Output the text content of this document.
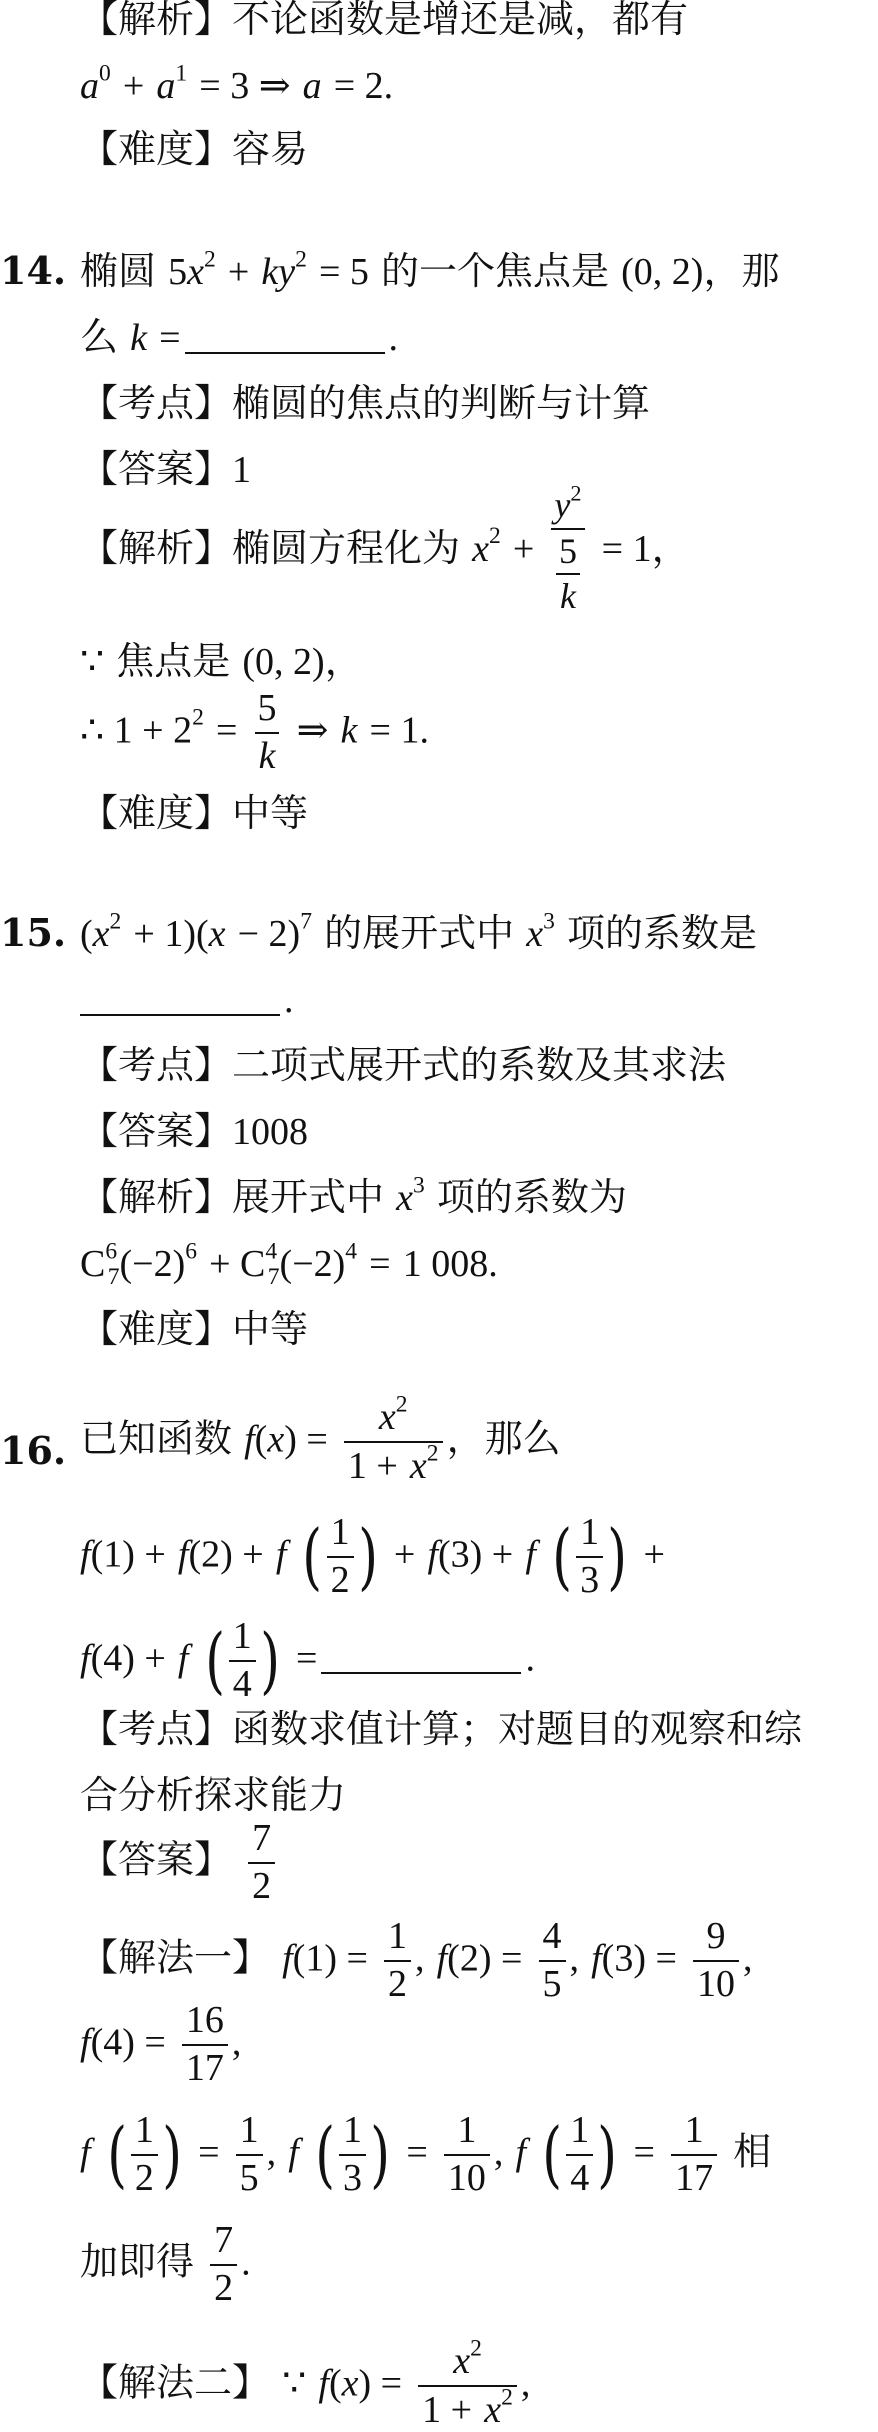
【解析】不论函数是增还是减，都有
$a^0 + a^1 = 3$ ⇒ a = 2.
【难度】容易
14. 椭圆 $5x^2 + ky^2 = 5$ 的一个焦点是 (0, 2)，那
么 k =	.
【考点】椭圆的焦点的判断与计算
【答案】1
【解析】椭圆方程化为 $x^2 + \frac{y^2}{\frac{5}{k}} = 1$，
∵ 焦点是 (0, 2)，
∴ $1 + 2^2 = \frac{5}{k}$ ⇒ k = 1.
【难度】中等
15. $(x^2 + 1)(x - 2)^7$ 的展开式中 $x^3$ 项的系数是
.
【考点】二项式展开式的系数及其求法
【答案】1008
【解析】展开式中 $x^3$ 项的系数为
$C^6_7(-2)^6 + C^4_7(-2)^4 = 1$ 008.
【难度】中等
16. 已知函数 $f(x) = \frac{x^2}{1 + x^2}$ ，那么
f(1) + f(2) + f ( $\frac{1}{2}$ ) + f(3) + f ( $\frac{1}{3}$ ) +
f(4) + f ( $\frac{1}{4}$ ) =	.
【考点】函数求值计算；对题目的观察和综
合分析探求能力
【答案】 $\frac{7}{2}$
【解法一】 $f(1) = \frac{1}{2}$ , $f(2) = \frac{4}{5}$ , $f(3) = \frac{9}{10}$ ,
$f(4) = \frac{16}{17}$ ,
f ( $\frac{1}{2}$ ) = $\frac{1}{5}$ , f ( $\frac{1}{3}$ ) = $\frac{1}{10}$ , f ( $\frac{1}{4}$ ) = $\frac{1}{17}$ 相
加即得 $\frac{7}{2}$ .
【解法二】 ∵ $f(x) = \frac{x^2}{1 + x^2}$ ,
